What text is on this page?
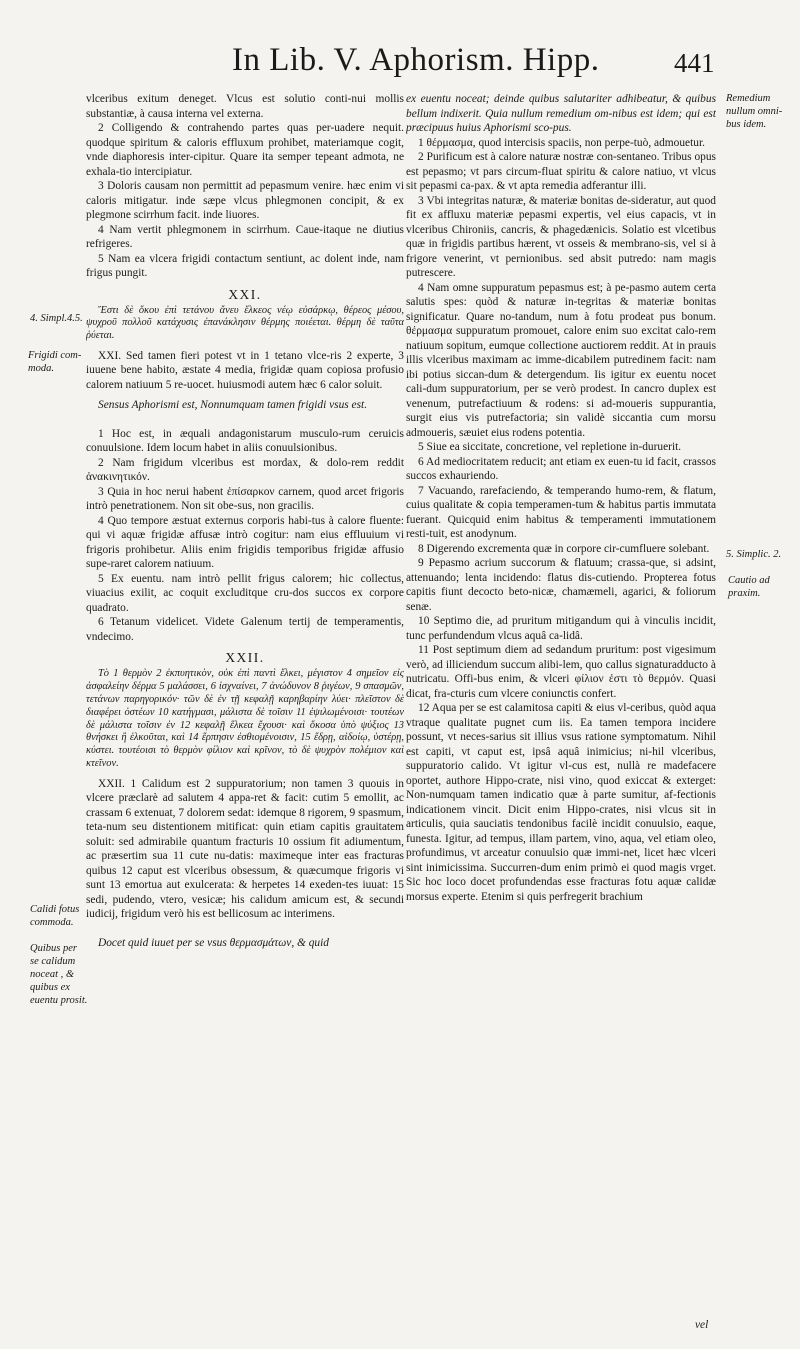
In Lib. V. Aphorism. Hipp.	441
4. Simpl.4.5.
Frigidi com-
moda.
Calidi fotus
commoda.
Quibus per
se calidum
noceat , &
quibus ex
euentu prosit.
Remedium
nullum omni-
bus idem.
5. Simplic. 2.
Cautio ad
praxim.

vlceribus exitum deneget. Vlcus est solutio conti-nui mollis substantiæ, à causa interna vel externa.

2 Colligendo & contrahendo partes quas per-uadere nequit. quodque spiritum & caloris effluxum prohibet, materiamque cogit, vnde diaphoresis inter-cipitur. Quare ita semper tepeant admota, ne exhala-tio intercipiatur.

3 Doloris causam non permittit ad pepasmum venire. hæc enim vi caloris mitigatur. inde sæpe vlcus phlegmonen concipit, & ex plegmone scirrhum facit. inde liuores.

4 Nam vertit phlegmonem in scirrhum. Caue-itaque ne diutius refrigeres.

5 Nam ea vlcera frigidi contactum sentiunt, ac dolent inde, nam frigus pungit.

XXI.

Ἔστι δὲ ὅκου ἐπὶ τετάνου ἄνευ ἕλκεος νέῳ εὐσάρκῳ, θέρεος μέσου, ψυχροῦ πολλοῦ κατάχυσις ἐπανάκλησιν θέρμης ποιέεται. θέρμη δὲ ταῦτα ῥύεται.

XXI. Sed tamen fieri potest vt in 1 tetano vlce-ris 2 experte, 3 iuuene bene habito, æstate 4 media, frigidæ quam copiosa profusio calorem natiuum 5 re-uocet. huiusmodi autem hæc 6 calor soluit.

Sensus Aphorismi est, Nonnumquam tamen frigidi vsus est.

1 Hoc est, in æquali andagonistarum musculo-rum ceruicis conuulsione. Idem locum habet in aliis conuulsionibus.

2 Nam frigidum vlceribus est mordax, & dolo-rem reddit ἀνακινητικόν.

3 Quia in hoc nerui habent ἐπίσαρκον carnem, quod arcet frigoris intrò penetrationem. Non sit obe-sus, non gracilis.

4 Quo tempore æstuat externus corporis habi-tus à calore fluente: qui vi aquæ frigidæ affusæ intrò cogitur: nam eius effluuium vi frigoris prohibetur. Aliis enim frigidis temporibus frigidæ affusio supe-raret calorem natiuum.

5 Ex euentu. nam intrò pellit frigus calorem; hic collectus, viuacius exilit, ac coquit excluditque cru-dos succos ex corpore quadrato.

6 Tetanum videlicet. Videte Galenum tertij de temperamentis, vndecimo.

XXII.

Τὸ 1 θερμὸν 2 ἐκπυητικὸν, οὐκ ἐπὶ παντὶ ἕλκει, μέγιστον 4 σημεῖον εἰς ἀσφαλείην δέρμα 5 μαλάσσει, 6 ἰσχναίνει, 7 ἀνώδυνον 8 ῥιγέων, 9 σπασμῶν, τετάνων παρηγορικόν· τῶν δὲ ἐν τῇ κεφαλῇ καρηβαρίην λύει· πλεῖστον δὲ διαφέρει ὀστέων 10 κατήγμασι, μάλιστα δὲ τοῖσιν 11 ἐψιλωμένοισι· τουτέων δὲ μάλιστα τοῖσιν ἐν 12 κεφαλῇ ἕλκεα ἔχουσι· καὶ ὅκοσα ὑπὸ ψύξιος 13 θνήσκει ἢ ἑλκοῦται, καὶ 14 ἕρπησιν ἐσθιομένοισιν, 15 ἕδρῃ, αἰδοίῳ, ὑστέρῃ, κύστει. τουτέοισι τὸ θερμὸν φίλιον καὶ κρῖνον, τὸ δὲ ψυχρὸν πολέμιον καὶ κτεῖνον.

XXII. 1 Calidum est 2 suppuratorium; non tamen 3 quouis in vlcere præclarè ad salutem 4 appa-ret & facit: cutim 5 emollit, ac crassam 6 extenuat, 7 dolorem sedat: idemque 8 rigorem, 9 spasmum, teta-num seu distentionem mitificat: quin etiam capitis grauitatem soluit: sed admirabile quantum fracturis 10 ossium fit adiumentum, ac præsertim sua 11 cute nu-datis: maximeque inter eas fracturas quibus 12 caput est vlceribus obsessum, & quæcumque frigoris vi sunt 13 emortua aut exulcerata: & herpetes 14 exeden-tes iuuat: 15 sedi, pudendo, vtero, vesicæ; his calidum amicum est, & secundi iudicij, frigidum verò his est bellicosum ac interimens.

Docet quid iuuet per se vsus θερμασμάτων, & quid

ex euentu noceat; deinde quibus salutariter adhibeatur, & quibus bellum indixerit. Quia nullum remedium om-nibus est idem; qui est præcipuus huius Aphorismi sco-pus.

1 θέρμασμα, quod intercisis spaciis, non perpe-tuò, admouetur.

2 Purificum est à calore naturæ nostræ con-sentaneo. Tribus opus est pepasmo; vt pars circum-fluat spiritu & calore natiuo, vt vlcus sit pepasmi ca-pax. & vt apta remedia adferantur illi.

3 Vbi integritas naturæ, & materiæ bonitas de-sideratur, aut quod fit ex affluxu materiæ pepasmi expertis, vel eius capacis, vt in vlceribus Chironiis, cancris, & phagedænicis. Solatio est vlcetibus quæ in frigidis partibus hærent, vt osseis & membrano-sis, vel si à frigore venerint, vt pernionibus. sed absit putredo: nam magis putrescere.

4 Nam omne suppuratum pepasmus est; à pe-pasmo autem certa salutis spes: quòd & naturæ in-tegritas & materiæ bonitas significatur. Quare no-tandum, num à fotu prodeat pus bonum. θέρμασμα suppuratum promouet, calore enim suo excitat calo-rem natiuum sopitum, eumque collectione auctiorem reddit. At in prauis illis vlceribus maximam ac imme-dicabilem putredinem facit: nam ibi potius siccan-dum & detergendum. Iis igitur ex euentu nocet cali-dum suppuratorium, per se verò prodest. In cancro duplex est venenum, putrefactiuum & rodens: si ad-moueris suppurantia, surgit eius vis putrefactoria; sin validè siccantia cum morsu admoueris, sæuiet eius rodens potentia.

5 Siue ea siccitate, concretione, vel repletione in-duruerit.

6 Ad mediocritatem reducit; ant etiam ex euen-tu id facit, crassos succos exhauriendo.

7 Vacuando, rarefaciendo, & temperando humo-rem, & flatum, cuius qualitate & copia temperamen-tum & habitus partis immutata fuerant. Quicquid enim habitus & temperamenti immutationem resti-tuit, est anodynum.

8 Digerendo excrementa quæ in corpore cir-cumfluere solebant.

9 Pepasmo acrium succorum & flatuum; crassa-que, si adsint, attenuando; lenta incidendo: flatus dis-cutiendo. Propterea fotus capitis fiunt decocto beto-nicæ, chamæmeli, agarici, & foliorum senæ.

10 Septimo die, ad pruritum mitigandum qui à vinculis incidit, tunc perfundendum vlcus aquâ ca-lidâ.

11 Post septimum diem ad sedandum pruritum: post vigesimum verò, ad illiciendum succum alibi-lem, quo callus signaturadducto à nutricatu. Offi-bus enim, & vlceri φίλιον ἐστι τὸ θερμόν. Quasi dicat, fra-cturis cum vlcere coniunctis confert.

12 Aqua per se est calamitosa capiti & eius vl-ceribus, quòd aqua vtraque qualitate pugnet cum iis. Ea tamen tempora incidere possunt, vt neces-sarius sit illius vsus ratione symptomatum. Nihil est capiti, vt caput est, ipsâ aquâ inimicius; ni-hil vlceribus, suppuratorio calido. Vt igitur vl-cus est, nullà re madefacere oportet, authore Hippo-crate, nisi vino, quod exiccat & exterget: Non-numquam tamen indicatio quæ à parte sumitur, af-fectionis indicationem vincit. Dicit enim Hippo-crates, nisi vlcus sit in articulis, quia sauciatis tendonibus facilè incidit conuulsio, eaque, funesta. Igitur, ad tempus, illam partem, vino, aqua, vel etiam oleo, profundimus, vt arceatur conuulsio quæ immi-net, licet hæc vlceri sint inimicissima. Succurren-dum enim primò ei quod magis vrget. Sic hoc loco docet profundendas esse fracturas fotu aquæ calidæ morsus experte. Etenim si quis perfregerit brachium

vel
